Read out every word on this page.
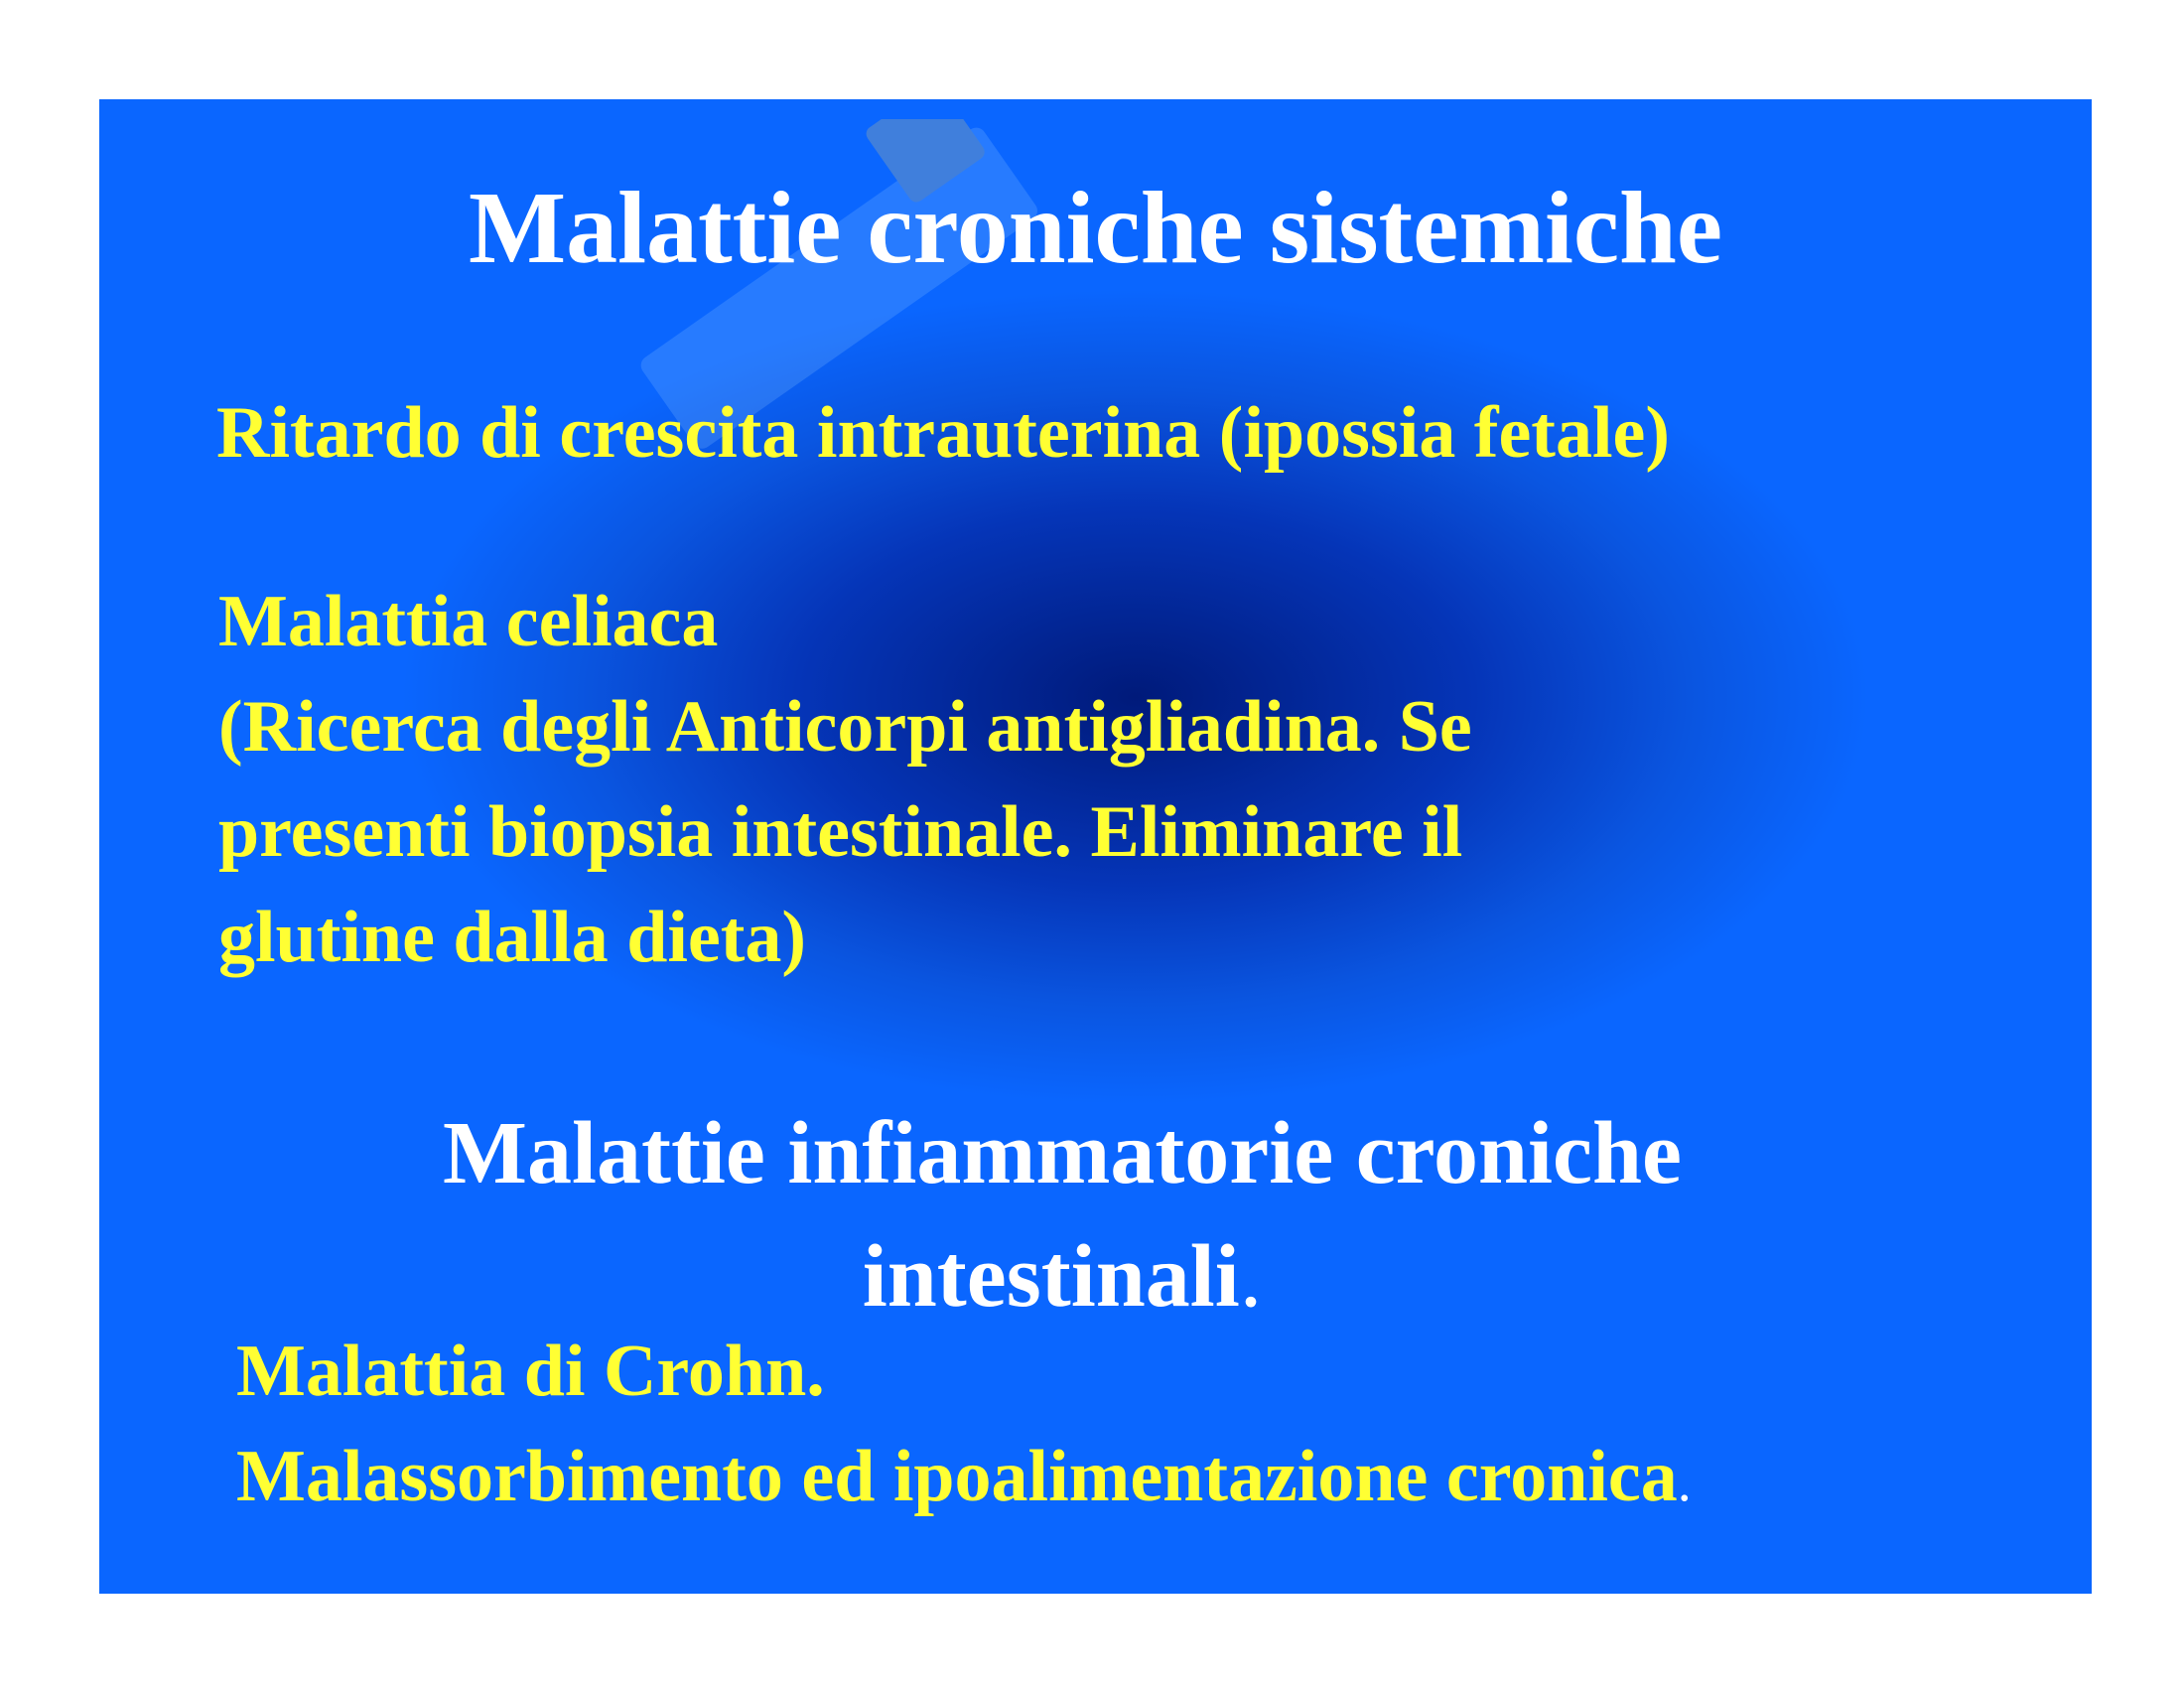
Malattie croniche sistemiche

Ritardo di crescita intrauterina (ipossia fetale)

Malattia celiaca
(Ricerca degli Anticorpi antigliadina. Se
presenti biopsia intestinale. Eliminare il
glutine dalla dieta)
Malattie infiammatorie croniche
intestinali.
Malattia di Crohn.
Malassorbimento ed ipoalimentazione cronica.
